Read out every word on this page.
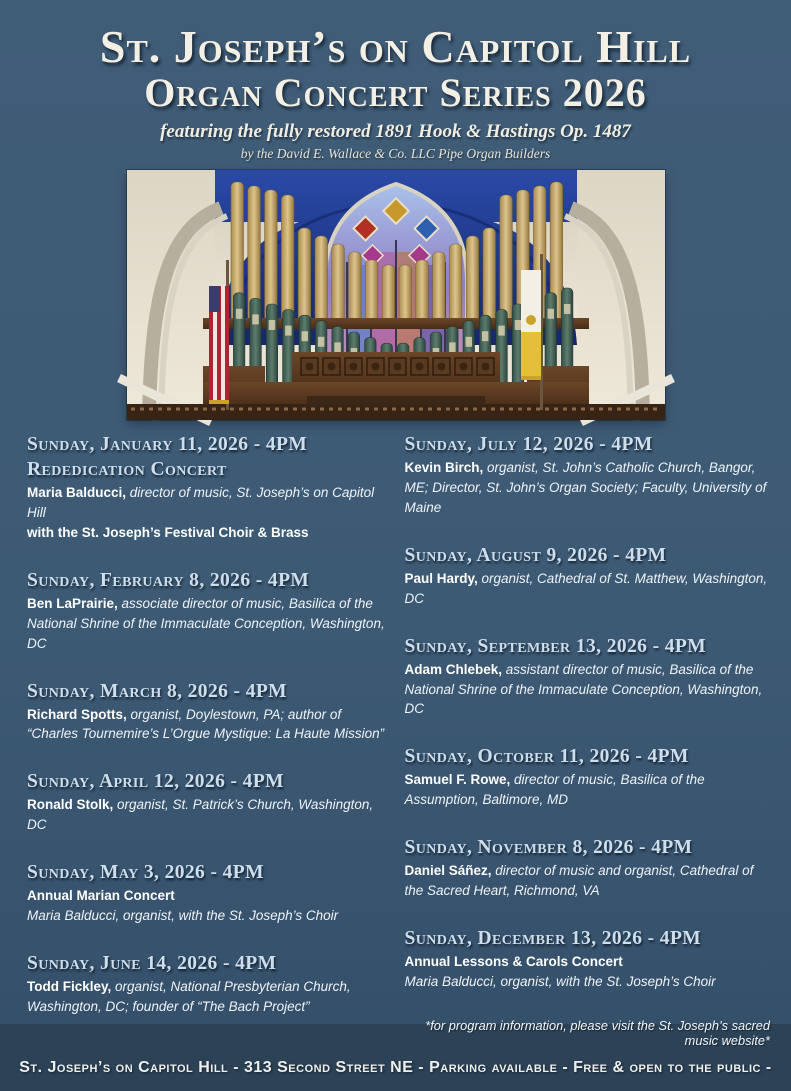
St. Joseph’s on Capitol Hill
Organ Concert Series 2026

featuring the fully restored 1891 Hook & Hastings Op. 1487

by the David E. Wallace & Co. LLC Pipe Organ Builders

Sunday, January 11, 2026 - 4PM
Rededication Concert

Maria Balducci, director of music, St. Joseph’s on Capitol Hill
with the St. Joseph’s Festival Choir & Brass

Sunday, February 8, 2026 - 4PM

Ben LaPrairie, associate director of music, Basilica of the National Shrine of the Immaculate Conception, Washington, DC

Sunday, March 8, 2026 - 4PM

Richard Spotts, organist, Doylestown, PA; author of “Charles Tournemire’s L’Orgue Mystique: La Haute Mission”

Sunday, April 12, 2026 - 4PM

Ronald Stolk, organist, St. Patrick’s Church, Washington, DC

Sunday, May 3, 2026 - 4PM

Annual Marian Concert
Maria Balducci, organist, with the St. Joseph’s Choir

Sunday, June 14, 2026 - 4PM

Todd Fickley, organist, National Presbyterian Church, Washington, DC; founder of “The Bach Project”

Sunday, July 12, 2026 - 4PM

Kevin Birch, organist, St. John’s Catholic Church, Bangor, ME; Director, St. John’s Organ Society; Faculty, University of Maine

Sunday, August 9, 2026 - 4PM

Paul Hardy, organist, Cathedral of St. Matthew, Washington, DC

Sunday, September 13, 2026 - 4PM

Adam Chlebek, assistant director of music, Basilica of the National Shrine of the Immaculate Conception, Washington, DC

Sunday, October 11, 2026 - 4PM

Samuel F. Rowe, director of music, Basilica of the Assumption, Baltimore, MD

Sunday, November 8, 2026 - 4PM

Daniel Sáñez, director of music and organist, Cathedral of the Sacred Heart, Richmond, VA

Sunday, December 13, 2026 - 4PM

Annual Lessons & Carols Concert
Maria Balducci, organist, with the St. Joseph’s Choir

*for program information, please visit the St. Joseph’s sacred music website*

St. Joseph’s on Capitol Hill - 313 Second Street NE - Parking available - Free & open to the public -
